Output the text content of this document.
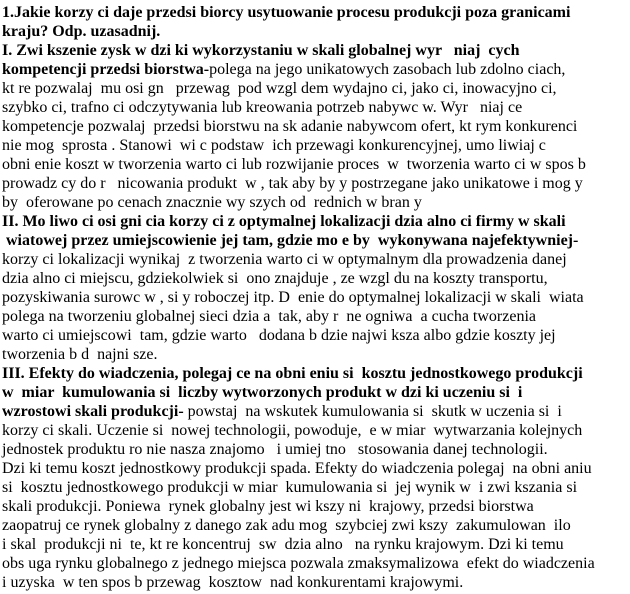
1.Jakie korzy ci daje przedsi biorcy usytuowanie procesu produkcji poza granicami
kraju? Odp. uzasadnij.
I. Zwi kszenie zysk w dzi ki wykorzystaniu w skali globalnej wyr   niaj  cych
kompetencji przedsi biorstwa-polega na jego unikatowych zasobach lub zdolno ciach,
kt re pozwalaj  mu osi gn   przewag  pod wzgl dem wydajno ci, jako ci, inowacyjno ci,
szybko ci, trafno ci odczytywania lub kreowania potrzeb nabywc w. Wyr   niaj ce
kompetencje pozwalaj  przedsi biorstwu na sk adanie nabywcom ofert, kt rym konkurenci
nie mog  sprosta . Stanowi  wi c podstaw  ich przewagi konkurencyjnej, umo liwiaj c
obni enie koszt w tworzenia warto ci lub rozwijanie proces  w  tworzenia warto ci w spos b
prowadz cy do r   nicowania produkt  w , tak aby by y postrzegane jako unikatowe i mog y
by  oferowane po cenach znacznie wy szych od  rednich w bran y
II. Mo liwo ci osi gni cia korzy ci z optymalnej lokalizacji dzia alno ci firmy w skali
wiatowej przez umiejscowienie jej tam, gdzie mo e by  wykonywana najefektywniej-
korzy ci lokalizacji wynikaj  z tworzenia warto ci w optymalnym dla prowadzenia danej
dzia alno ci miejscu, gdziekolwiek si  ono znajduje , ze wzgl du na koszty transportu,
pozyskiwania surowc w , si y roboczej itp. D  enie do optymalnej lokalizacji w skali  wiata
polega na tworzeniu globalnej sieci dzia a  tak, aby r  ne ogniwa  a cucha tworzenia
warto ci umiejscowi  tam, gdzie warto   dodana b dzie najwi ksza albo gdzie koszty jej
tworzenia b d  najni sze.
III. Efekty do wiadczenia, polegaj ce na obni eniu si  kosztu jednostkowego produkcji
w  miar  kumulowania si  liczby wytworzonych produkt w dzi ki uczeniu si  i
wzrostowi skali produkcji- powstaj  na wskutek kumulowania si  skutk w uczenia si  i
korzy ci skali. Uczenie si  nowej technologii, powoduje,  e w miar  wytwarzania kolejnych
jednostek produktu ro nie nasza znajomo   i umiej tno   stosowania danej technologii.
Dzi ki temu koszt jednostkowy produkcji spada. Efekty do wiadczenia polegaj  na obni aniu
si  kosztu jednostkowego produkcji w miar  kumulowania si  jej wynik w  i zwi kszania si
skali produkcji. Poniewa  rynek globalny jest wi kszy ni  krajowy, przedsi biorstwa
zaopatruj ce rynek globalny z danego zak adu mog  szybciej zwi kszy  zakumulowan  ilo
i skal  produkcji ni  te, kt re koncentruj  sw  dzia alno   na rynku krajowym. Dzi ki temu
obs uga rynku globalnego z jednego miejsca pozwala zmaksymalizowa  efekt do wiadczenia
i uzyska  w ten spos b przewag  kosztow  nad konkurentami krajowymi.
